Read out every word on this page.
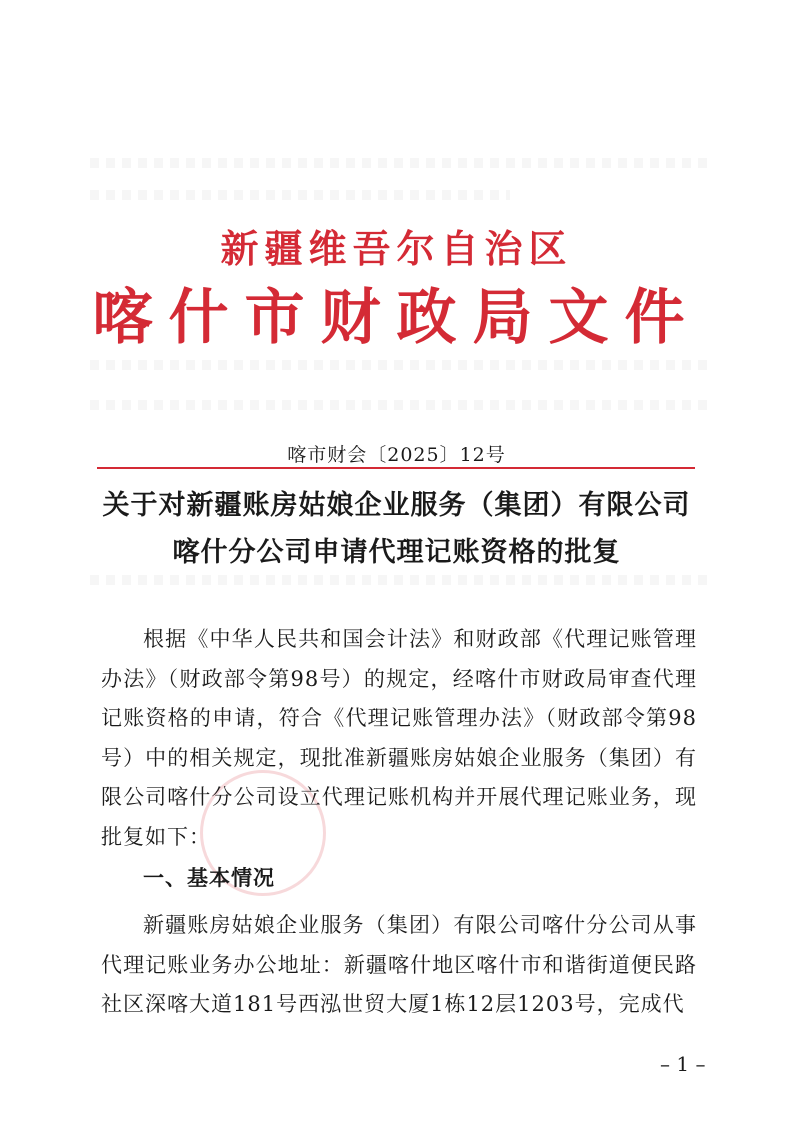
新疆维吾尔自治区
喀什市财政局文件
喀市财会〔2025〕12号
关于对新疆账房姑娘企业服务（集团）有限公司
喀什分公司申请代理记账资格的批复
根据《中华人民共和国会计法》和财政部《代理记账管理办法》（财政部令第98号）的规定，经喀什市财政局审查代理记账资格的申请，符合《代理记账管理办法》（财政部令第98号）中的相关规定，现批准新疆账房姑娘企业服务（集团）有限公司喀什分公司设立代理记账机构并开展代理记账业务，现批复如下：
一、基本情况
新疆账房姑娘企业服务（集团）有限公司喀什分公司从事代理记账业务办公地址：新疆喀什地区喀什市和谐街道便民路社区深喀大道181号西泓世贸大厦1栋12层1203号，完成代
– 1 –
